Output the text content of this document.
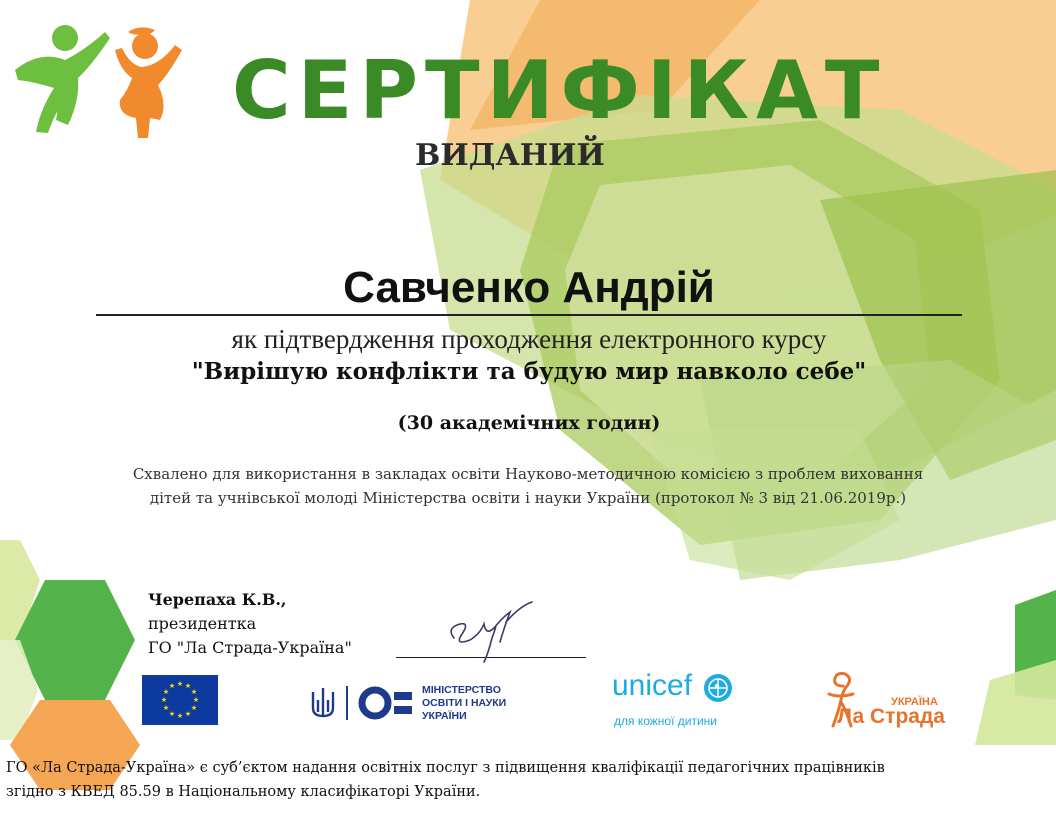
СЕРТИФІКАТ
ВИДАНИЙ
Савченко Андрій
як підтвердження проходження електронного курсу
"Вирішую конфлікти та будую мир навколо себе"
(30 академічних годин)
Схвалено для використання в закладах освіти Науково-методичною комісією з проблем виховання
дітей та учнівської молоді Міністерства освіти і науки України (протокол № 3 від 21.06.2019р.)
Черепаха К.В.,
президентка
ГО "Ла Страда-Україна"
★ ★
★
★
★
★
★
★
★
★
★
★	МІНІСТЕРСТВО
ОСВІТИ І НАУКИ
УКРАЇНИ
unicef
для кожної дитини
УКРАЇНА
Ла Страда
ГО «Ла Страда-Україна» є суб’єктом надання освітніх послуг з підвищення кваліфікації педагогічних працівників
згідно з КВЕД 85.59 в Національному класифікаторі України.
